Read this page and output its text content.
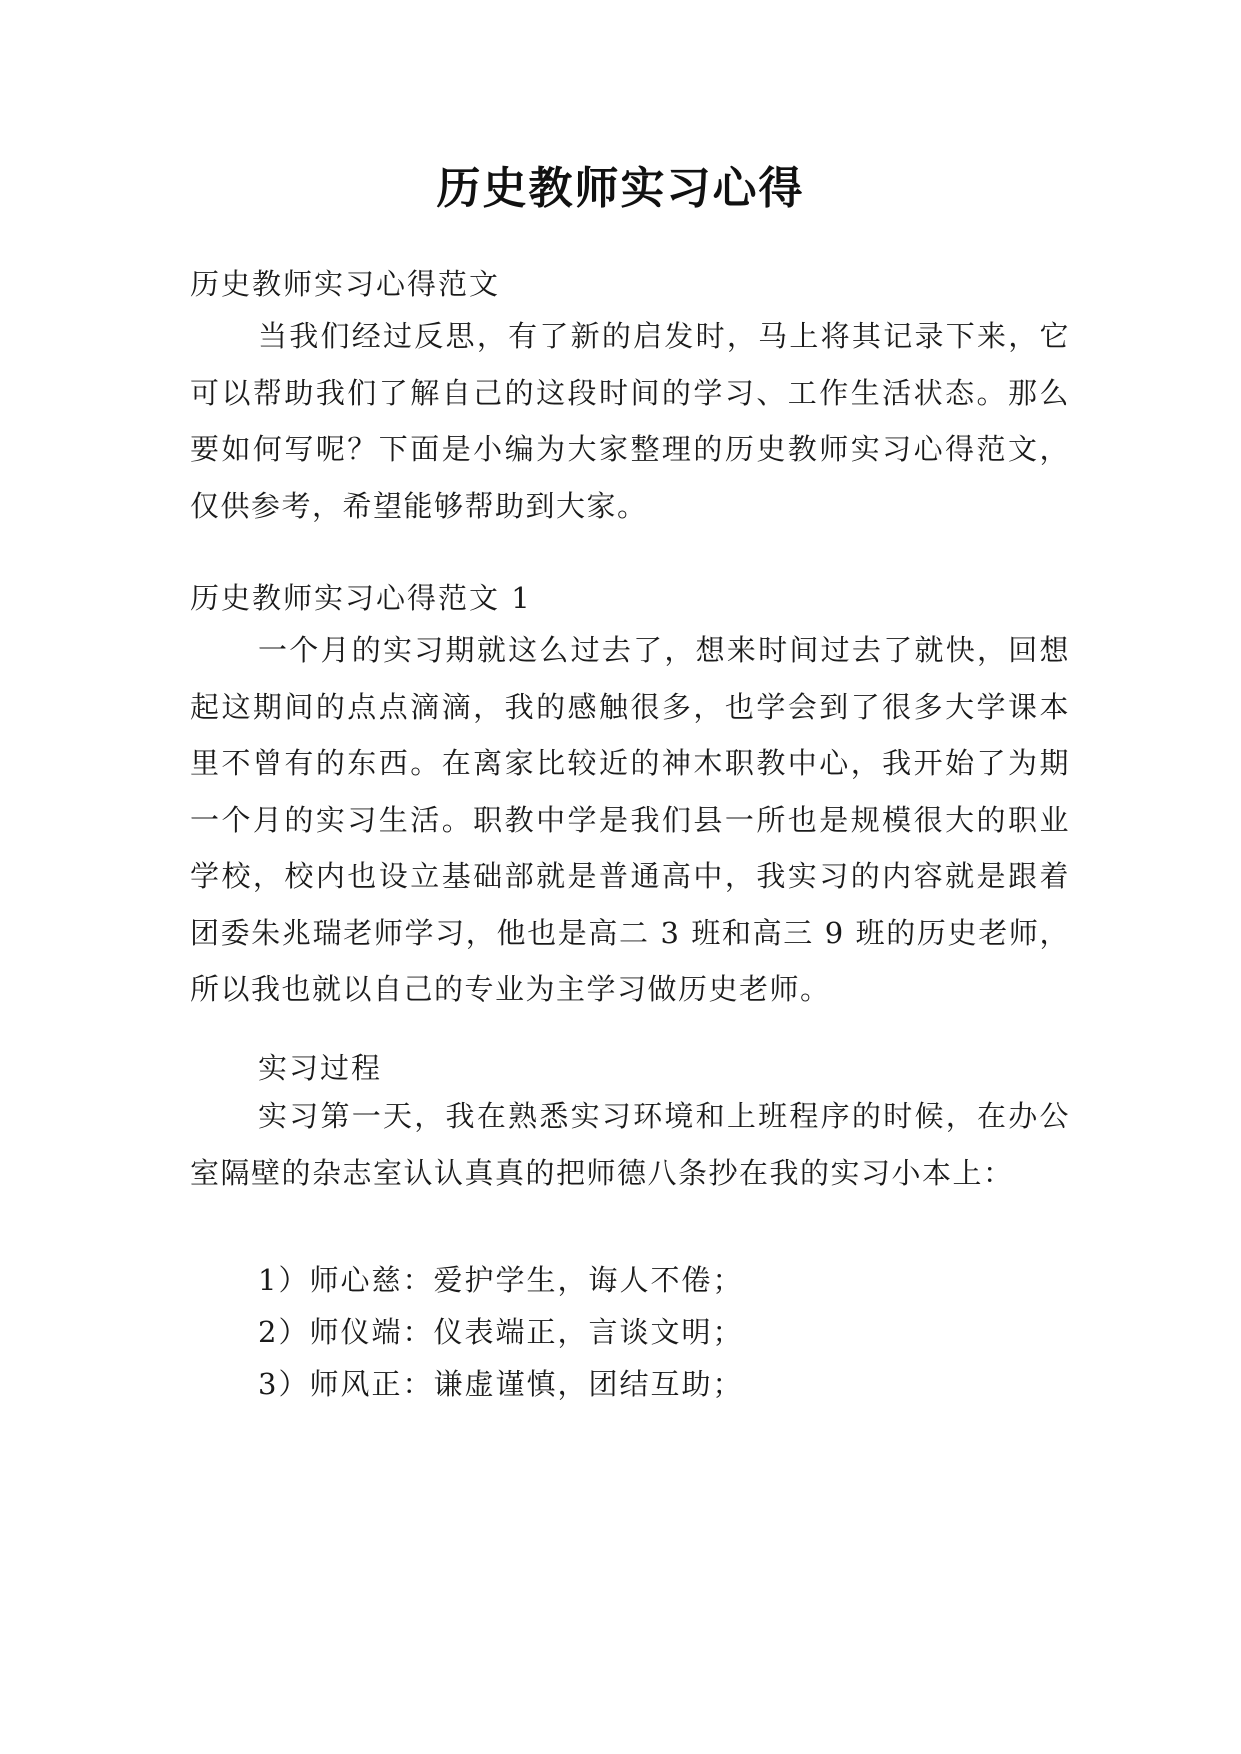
历史教师实习心得
历史教师实习心得范文
当我们经过反思，有了新的启发时，马上将其记录下来，它可以帮助我们了解自己的这段时间的学习、工作生活状态。那么要如何写呢？下面是小编为大家整理的历史教师实习心得范文，仅供参考，希望能够帮助到大家。
历史教师实习心得范文 1
一个月的实习期就这么过去了，想来时间过去了就快，回想起这期间的点点滴滴，我的感触很多，也学会到了很多大学课本里不曾有的东西。在离家比较近的神木职教中心，我开始了为期一个月的实习生活。职教中学是我们县一所也是规模很大的职业学校，校内也设立基础部就是普通高中，我实习的内容就是跟着团委朱兆瑞老师学习，他也是高二 3 班和高三 9 班的历史老师，所以我也就以自己的专业为主学习做历史老师。
实习过程
实习第一天，我在熟悉实习环境和上班程序的时候，在办公室隔壁的杂志室认认真真的把师德八条抄在我的实习小本上：
1）师心慈：爱护学生，诲人不倦；
2）师仪端：仪表端正，言谈文明；
3）师风正：谦虚谨慎，团结互助；
